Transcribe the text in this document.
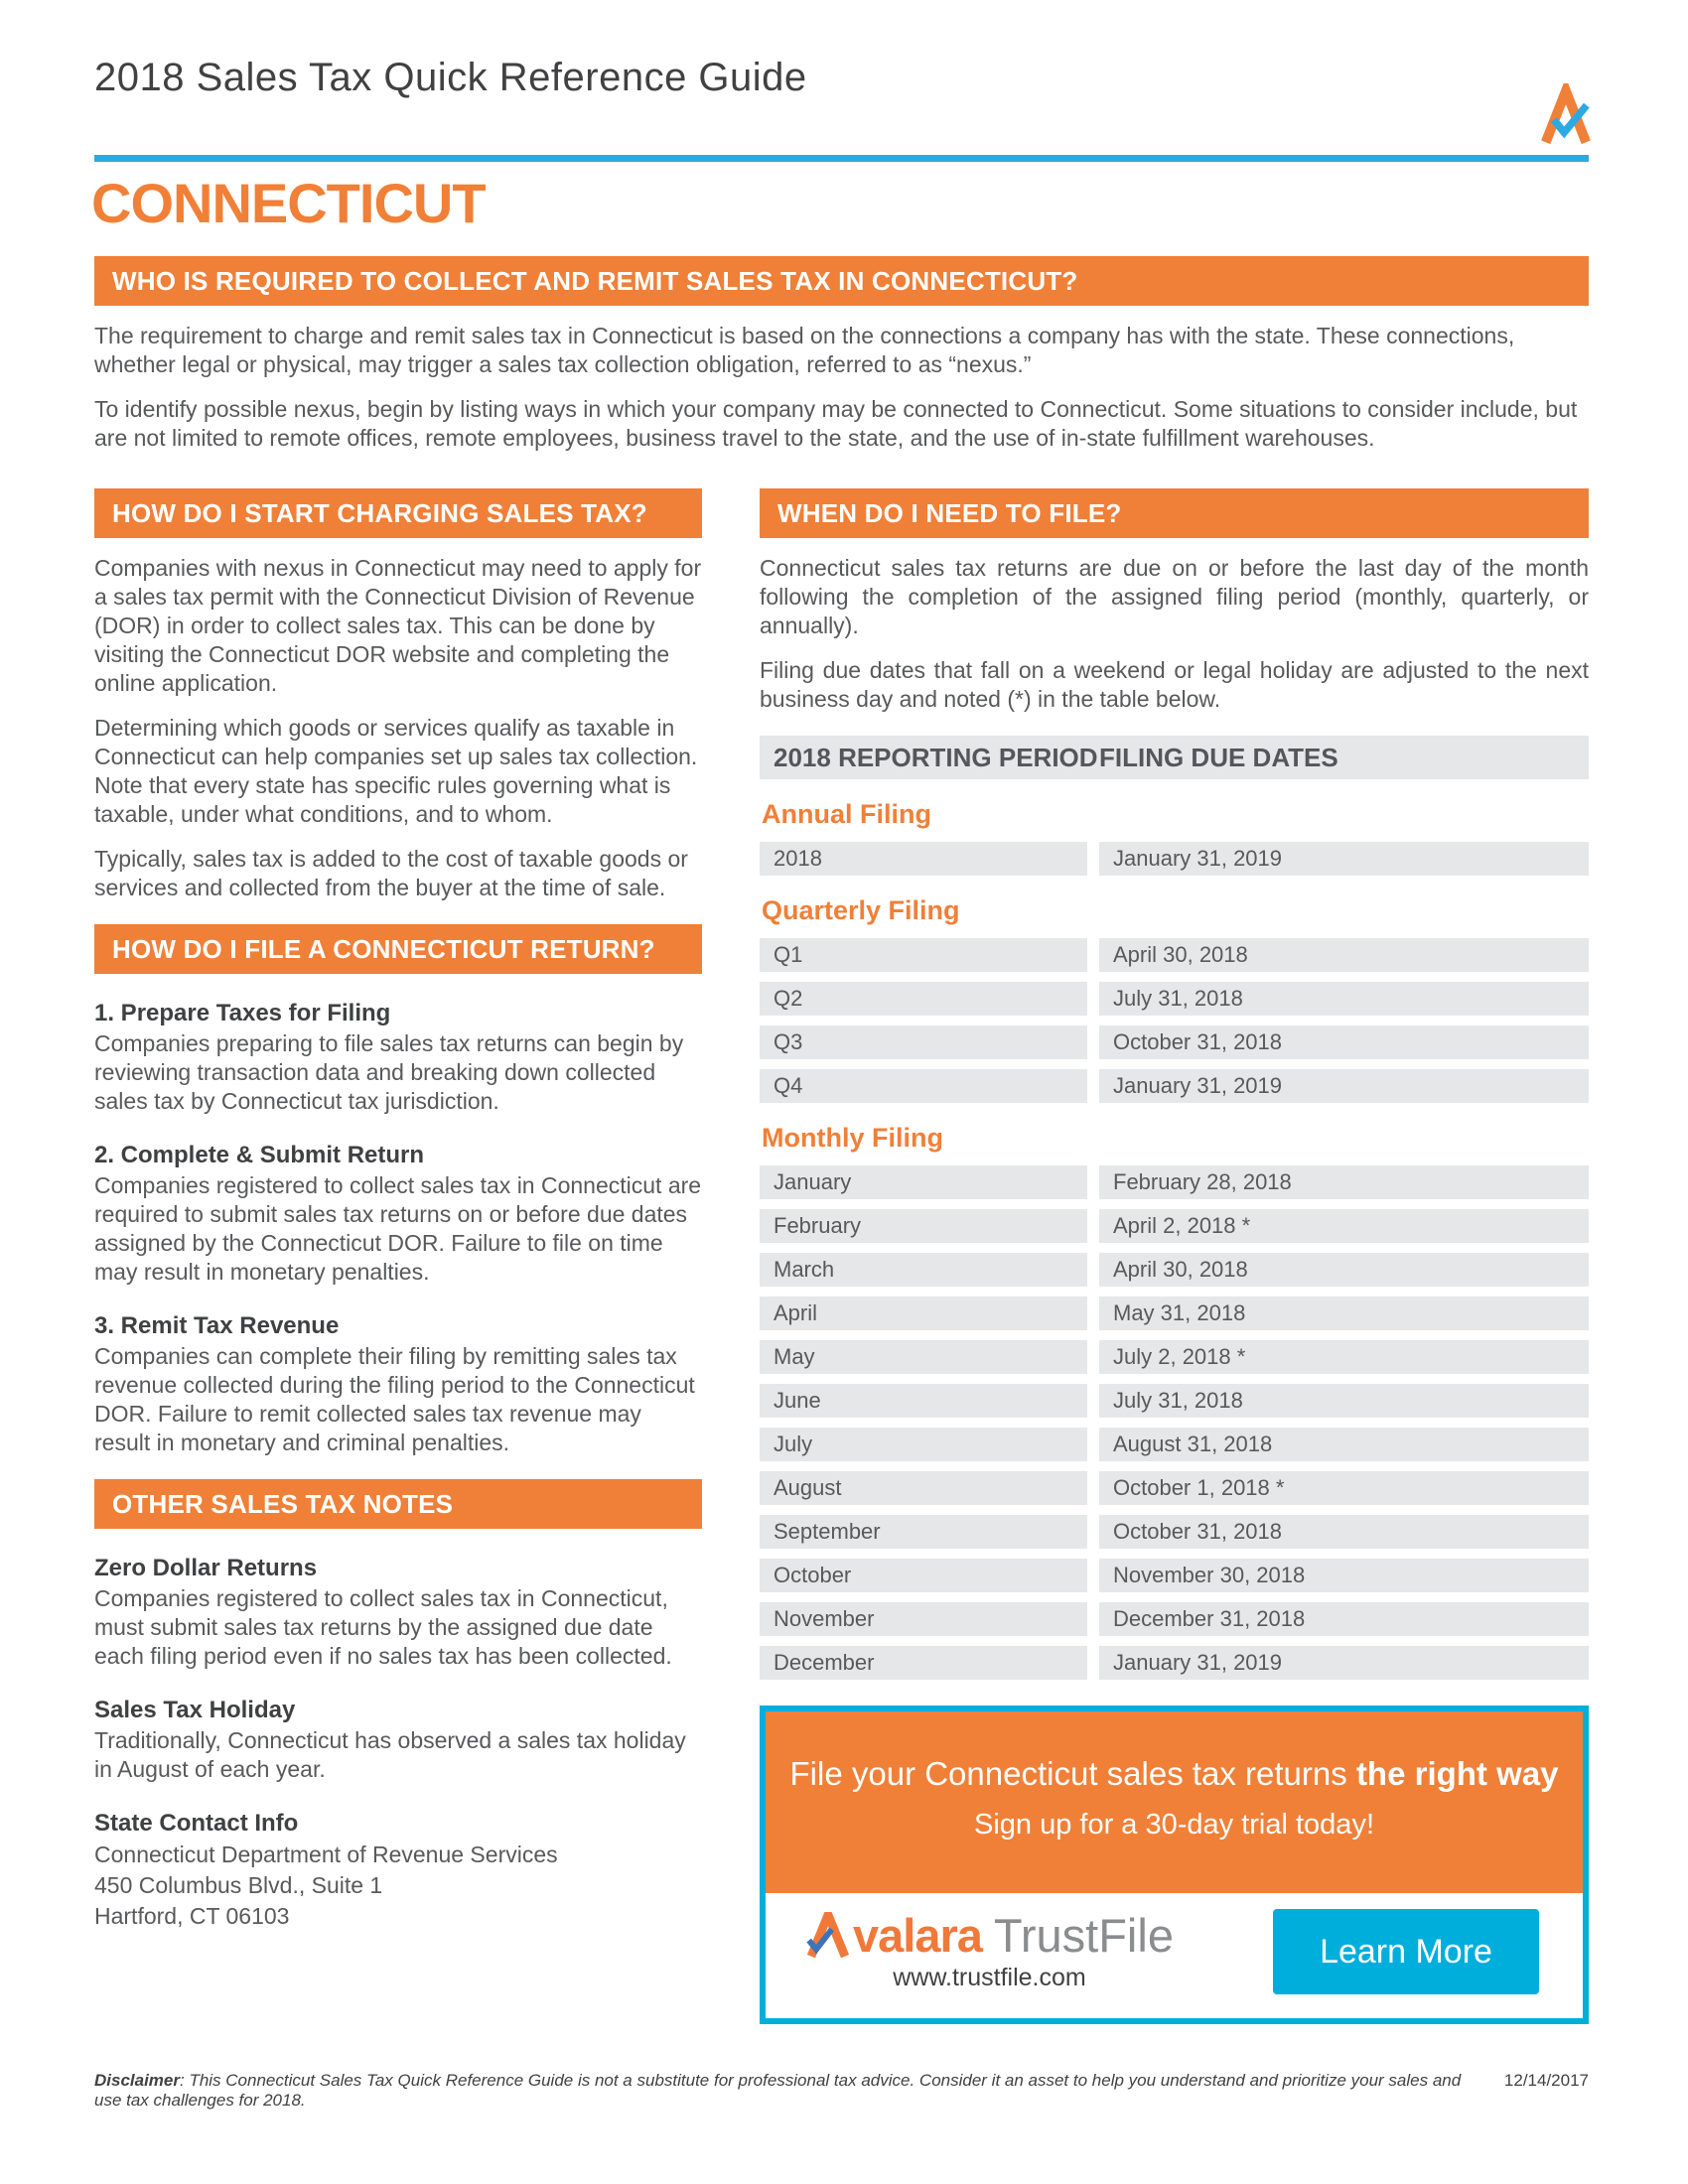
2018 Sales Tax Quick Reference Guide
CONNECTICUT
WHO IS REQUIRED TO COLLECT AND REMIT SALES TAX IN CONNECTICUT?

The requirement to charge and remit sales tax in Connecticut is based on the connections a company has with the state. These connections, whether legal or physical, may trigger a sales tax collection obligation, referred to as “nexus.”

To identify possible nexus, begin by listing ways in which your company may be connected to Connecticut. Some situations to consider include, but are not limited to remote offices, remote employees, business travel to the state, and the use of in-state fulfillment warehouses.

HOW DO I START CHARGING SALES TAX?

Companies with nexus in Connecticut may need to apply for a sales tax permit with the Connecticut Division of Revenue (DOR) in order to collect sales tax. This can be done by visiting the Connecticut DOR website and completing the online application.

Determining which goods or services qualify as taxable in Connecticut can help companies set up sales tax collection. Note that every state has specific rules governing what is taxable, under what conditions, and to whom.

Typically, sales tax is added to the cost of taxable goods or services and collected from the buyer at the time of sale.

HOW DO I FILE A CONNECTICUT RETURN?
1. Prepare Taxes for Filing

Companies preparing to file sales tax returns can begin by reviewing transaction data and breaking down collected sales tax by Connecticut tax jurisdiction.

2. Complete & Submit Return

Companies registered to collect sales tax in Connecticut are required to submit sales tax returns on or before due dates assigned by the Connecticut DOR. Failure to file on time may result in monetary penalties.

3. Remit Tax Revenue

Companies can complete their filing by remitting sales tax revenue collected during the filing period to the Connecticut DOR. Failure to remit collected sales tax revenue may result in monetary and criminal penalties.

OTHER SALES TAX NOTES
Zero Dollar Returns

Companies registered to collect sales tax in Connecticut, must submit sales tax returns by the assigned due date each filing period even if no sales tax has been collected.

Sales Tax Holiday

Traditionally, Connecticut has observed a sales tax holiday in August of each year.

State Contact Info
Connecticut Department of Revenue Services
450 Columbus Blvd., Suite 1
Hartford, CT 06103
WHEN DO I NEED TO FILE?

Connecticut sales tax returns are due on or before the last day of the month following the completion of the assigned filing period (monthly, quarterly, or annually).

Filing due dates that fall on a weekend or legal holiday are adjusted to the next business day and noted (*) in the table below.

2018 REPORTING PERIOD FILING DUE DATES
Annual Filing
2018	January 31, 2019
Quarterly Filing
Q1	April 30, 2018
Q2	July 31, 2018
Q3	October 31, 2018
Q4	January 31, 2019
Monthly Filing
January	February 28, 2018
February	April 2, 2018 *
March	April 30, 2018
April	May 31, 2018
May	July 2, 2018 *
June	July 31, 2018
July	August 31, 2018
August	October 1, 2018 *
September	October 31, 2018
October	November 30, 2018
November	December 31, 2018
December	January 31, 2019
File your Connecticut sales tax returns the right way
Sign up for a 30-day trial today!
valara TrustFile
www.trustfile.com
Learn More
Disclaimer: This Connecticut Sales Tax Quick Reference Guide is not a substitute for professional tax advice. Consider it an asset to help you understand and prioritize your sales and use tax challenges for 2018.
12/14/2017
